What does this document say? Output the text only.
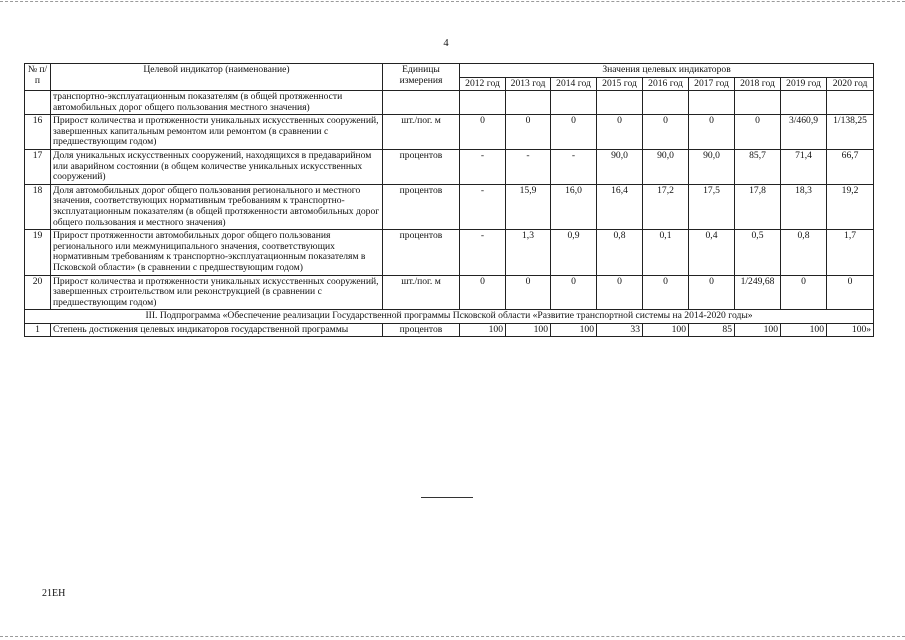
4
№ п/п	Целевой индикатор (наименование)	Единицы измерения	Значения целевых индикаторов								
			2012 год	2013 год	2014 год	2015 год	2016 год	2017 год	2018 год	2019 год	2020 год
	транспортно-эксплуатационным показателям (в общей протяженности автомобильных дорог общего пользования местного значения)										
16	Прирост количества и протяженности уникальных искусственных сооружений, завершенных капитальным ремонтом или ремонтом (в сравнении с предшествующим годом)	шт./пог. м	0	0	0	0	0	0	0	3/460,9	1/138,25
17	Доля уникальных искусственных сооружений, находящихся в предаварийном или аварийном состоянии (в общем количестве уникальных искусственных сооружений)	процентов	-	-	-	90,0	90,0	90,0	85,7	71,4	66,7
18	Доля автомобильных дорог общего пользования регионального и местного значения, соответствующих нормативным требованиям к транспортно-эксплуатационным показателям (в общей протяженности автомобильных дорог общего пользования и местного значения)	процентов	-	15,9	16,0	16,4	17,2	17,5	17,8	18,3	19,2
19	Прирост протяженности автомобильных дорог общего пользования регионального или межмуниципального значения, соответствующих нормативным требованиям к транспортно-эксплуатационным показателям в Псковской области» (в сравнении с предшествующим годом)	процентов	-	1,3	0,9	0,8	0,1	0,4	0,5	0,8	1,7
20	Прирост количества и протяженности уникальных искусственных сооружений, завершенных строительством или реконструкцией (в сравнении с предшествующим годом)	шт./пог. м	0	0	0	0	0	0	1/249,68	0	0
III. Подпрограмма «Обеспечение реализации Государственной программы Псковской области «Развитие транспортной системы на 2014-2020 годы»											
1	Степень достижения целевых индикаторов государственной программы	процентов	100	100	100	33	100	85	100	100	100»
21ЕН
